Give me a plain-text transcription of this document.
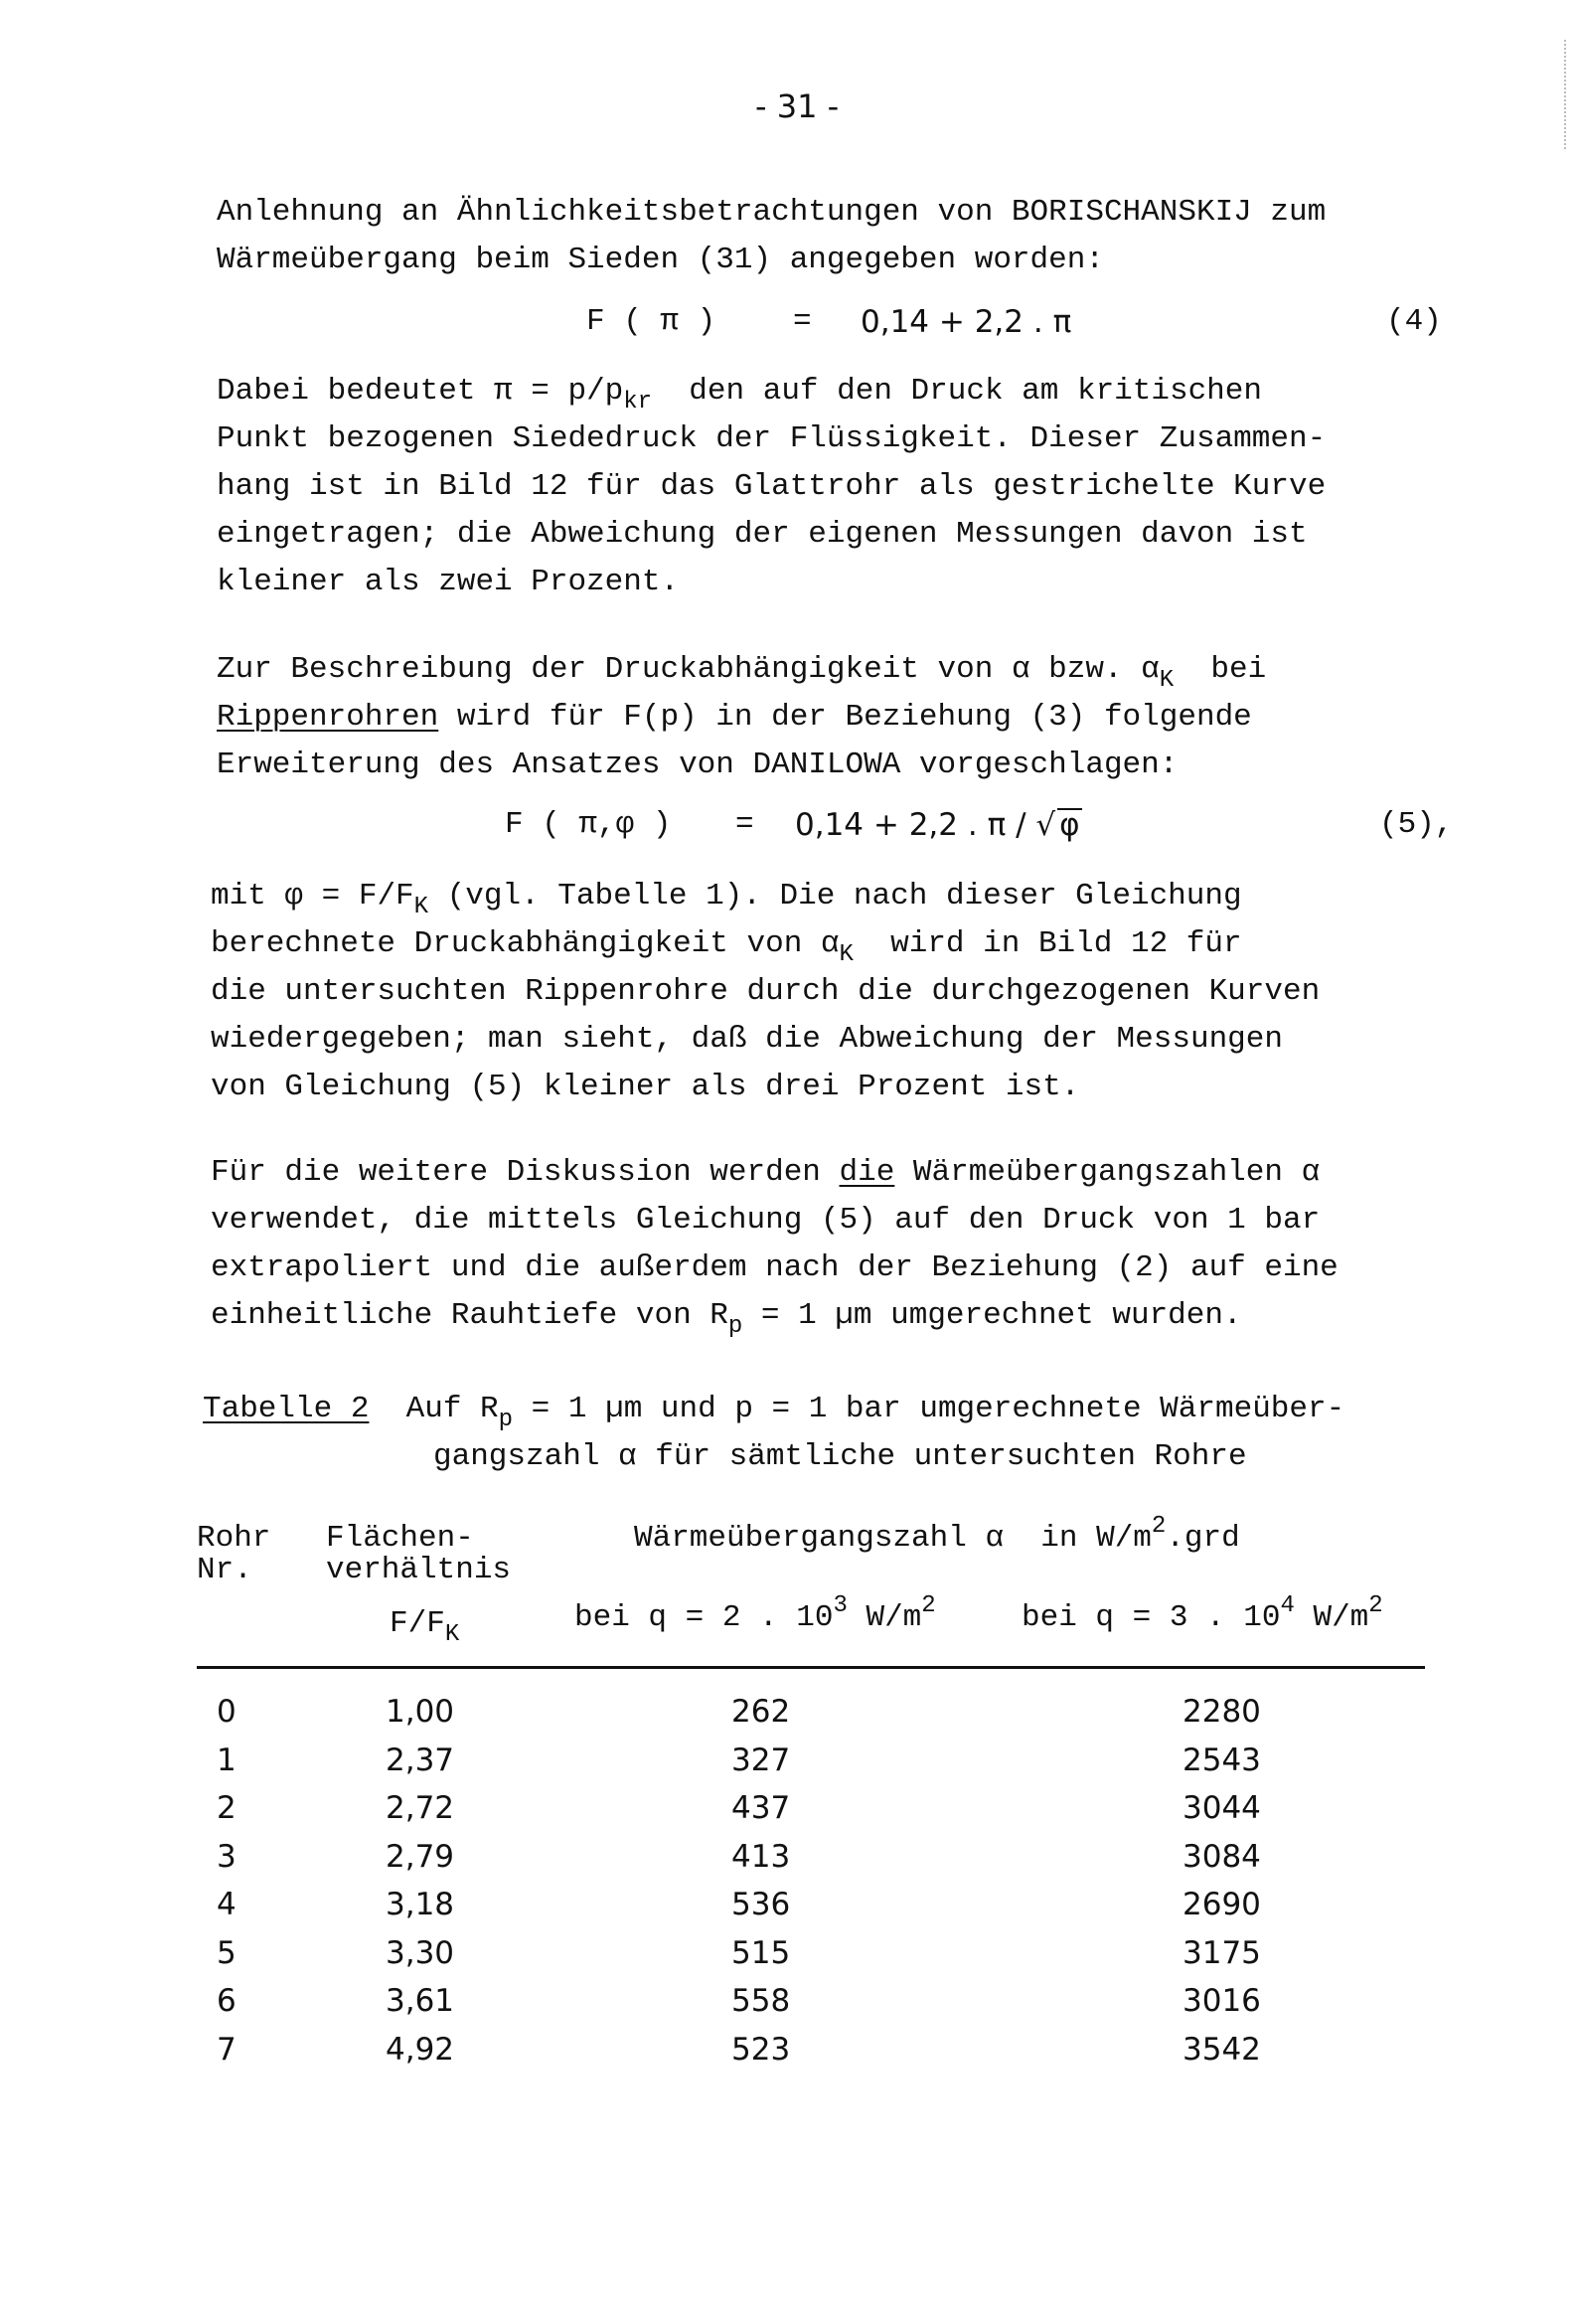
- 31 -
Anlehnung an Ähnlichkeitsbetrachtungen von BORISCHANSKIJ zum
Wärmeübergang beim Sieden (31) angegeben worden:
F ( π )	= 0,14 + 2,2 . π	(4)
Dabei bedeutet $\pi = p/p_{kr}$  den auf den Druck am kritischen
Punkt bezogenen Siededruck der Flüssigkeit. Dieser Zusammen-
hang ist in Bild 12 für das Glattrohr als gestrichelte Kurve
eingetragen; die Abweichung der eigenen Messungen davon ist
kleiner als zwei Prozent.
Zur Beschreibung der Druckabhängigkeit von α bzw. $\alpha_K$  bei
Rippenrohren wird für F(p) in der Beziehung (3) folgende
Erweiterung des Ansatzes von DANILOWA vorgeschlagen:
F ( π,φ ) = 0,14 + 2,2 . π / √ φ	(5),
mit $\varphi = F/F_K$ (vgl. Tabelle 1). Die nach dieser Gleichung
berechnete Druckabhängigkeit von $\alpha_K$  wird in Bild 12 für
die untersuchten Rippenrohre durch die durchgezogenen Kurven
wiedergegeben; man sieht, daß die Abweichung der Messungen
von Gleichung (5) kleiner als drei Prozent ist.
Für die weitere Diskussion werden die Wärmeübergangszahlen α
verwendet, die mittels Gleichung (5) auf den Druck von 1 bar
extrapoliert und die außerdem nach der Beziehung (2) auf eine
einheitliche Rauhtiefe von $R_p = 1$ µm umgerechnet wurden.
Tabelle 2  Auf $R_p = 1$ µm und p = 1 bar umgerechnete Wärmeüber-
gangszahl α für sämtliche untersuchten Rohre
Rohr
Nr.
Flächen-
verhältnis
$F/F_K$
Wärmeübergangszahl α  in $W/m^2.grd$
bei q = 2 . $10^3$ $W/m^2$	bei q = 3 . $10^4$ $W/m^2$
0	1,00	262	2280
1	2,37	327	2543
2	2,72	437	3044
3	2,79	413	3084
4	3,18	536	2690
5	3,30	515	3175
6	3,61	558	3016
7	4,92	523	3542
